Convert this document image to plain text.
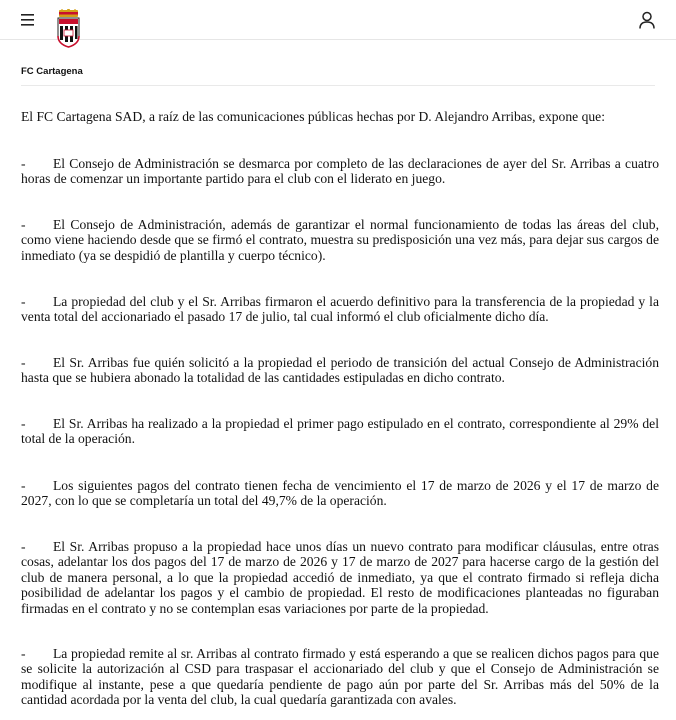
FC Cartagena
El FC Cartagena SAD, a raíz de las comunicaciones públicas hechas por D. Alejandro Arribas, expone que:
- El Consejo de Administración se desmarca por completo de las declaraciones de ayer del Sr. Arribas a cuatro horas de comenzar un importante partido para el club con el liderato en juego.
- El Consejo de Administración, además de garantizar el normal funcionamiento de todas las áreas del club, como viene haciendo desde que se firmó el contrato, muestra su predisposición una vez más, para dejar sus cargos de inmediato (ya se despidió de plantilla y cuerpo técnico).
- La propiedad del club y el Sr. Arribas firmaron el acuerdo definitivo para la transferencia de la propiedad y la venta total del accionariado el pasado 17 de julio, tal cual informó el club oficialmente dicho día.
- El Sr. Arribas fue quién solicitó a la propiedad el periodo de transición del actual Consejo de Administración hasta que se hubiera abonado la totalidad de las cantidades estipuladas en dicho contrato.
- El Sr. Arribas ha realizado a la propiedad el primer pago estipulado en el contrato, correspondiente al 29% del total de la operación.
- Los siguientes pagos del contrato tienen fecha de vencimiento el 17 de marzo de 2026 y el 17 de marzo de 2027, con lo que se completaría un total del 49,7% de la operación.
- El Sr. Arribas propuso a la propiedad hace unos días un nuevo contrato para modificar cláusulas, entre otras cosas, adelantar los dos pagos del 17 de marzo de 2026 y 17 de marzo de 2027 para hacerse cargo de la gestión del club de manera personal, a lo que la propiedad accedió de inmediato, ya que el contrato firmado si refleja dicha posibilidad de adelantar los pagos y el cambio de propiedad. El resto de modificaciones planteadas no figuraban firmadas en el contrato y no se contemplan esas variaciones por parte de la propiedad.
- La propiedad remite al sr. Arribas al contrato firmado y está esperando a que se realicen dichos pagos para que se solicite la autorización al CSD para traspasar el accionariado del club y que el Consejo de Administración se modifique al instante, pese a que quedaría pendiente de pago aún por parte del Sr. Arribas más del 50% de la cantidad acordada por la venta del club, la cual quedaría garantizada con avales.
